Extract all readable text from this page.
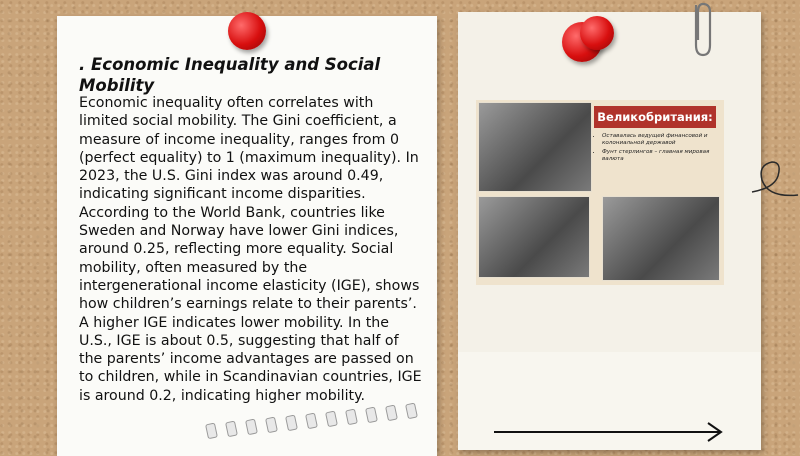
. Economic Inequality and Social Mobility
Economic inequality often correlates with limited social mobility. The Gini coefficient, a measure of income inequality, ranges from 0 (perfect equality) to 1 (maximum inequality). In 2023, the U.S. Gini index was around 0.49, indicating significant income disparities. According to the World Bank, countries like Sweden and Norway have lower Gini indices, around 0.25, reflecting more equality. Social mobility, often measured by the intergenerational income elasticity (IGE), shows how children’s earnings relate to their parents’. A higher IGE indicates lower mobility. In the U.S., IGE is about 0.5, suggesting that half of the parents’ income advantages are passed on to children, while in Scandinavian countries, IGE is around 0.2, indicating higher mobility.
Великобритания:
• Оставалась ведущей финансовой и колониальной державой
• Фунт стерлингов – главная мировая валюта
